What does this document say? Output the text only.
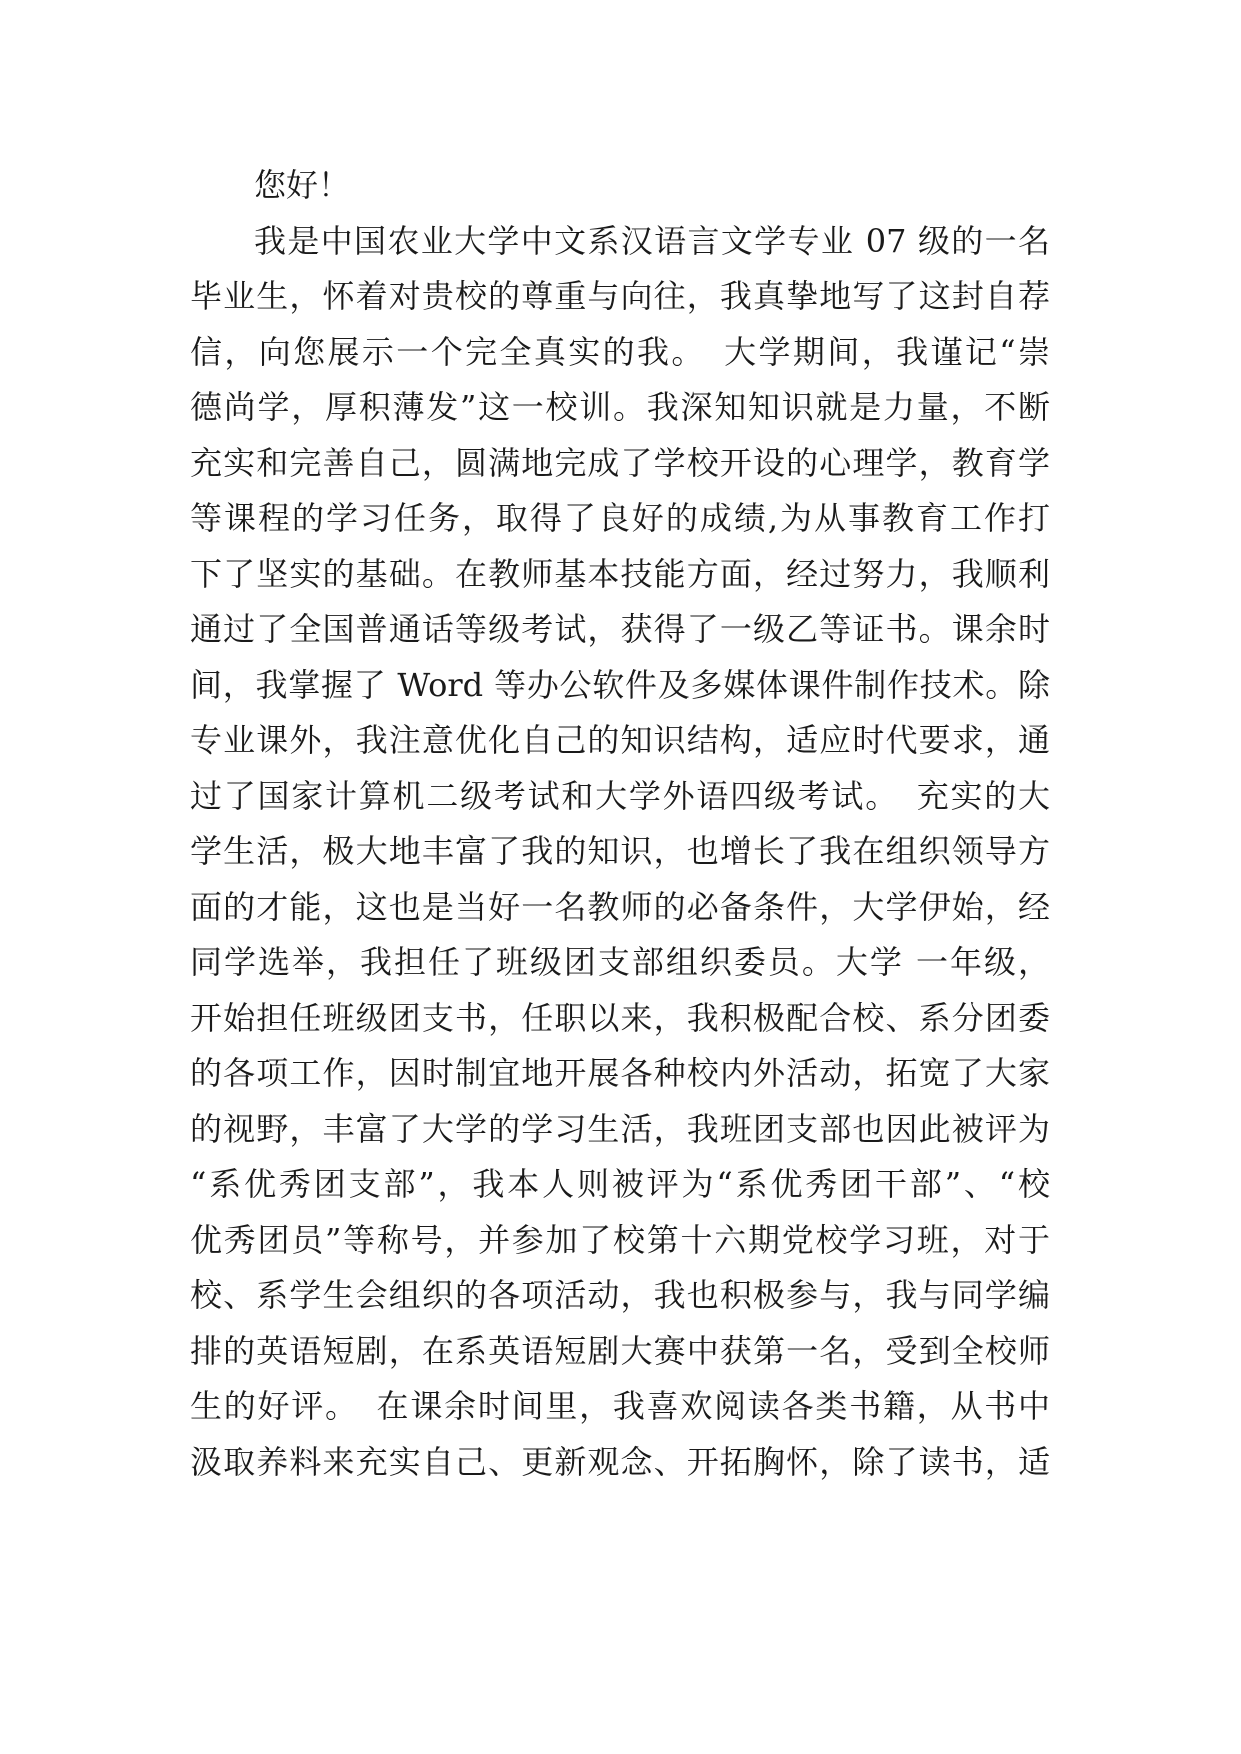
您好！
我是中国农业大学中文系汉语言文学专业 07 级的一名
毕业生，怀着对贵校的尊重与向往，我真挚地写了这封自荐
信，向您展示一个完全真实的我。　大学期间，我谨记“崇
德尚学，厚积薄发”这一校训。我深知知识就是力量，不断
充实和完善自己，圆满地完成了学校开设的心理学，教育学
等课程的学习任务，取得了良好的成绩,为从事教育工作打
下了坚实的基础。在教师基本技能方面，经过努力，我顺利
通过了全国普通话等级考试，获得了一级乙等证书。课余时
间，我掌握了 Word 等办公软件及多媒体课件制作技术。除
专业课外，我注意优化自己的知识结构，适应时代要求，通
过了国家计算机二级考试和大学外语四级考试。　充实的大
学生活，极大地丰富了我的知识，也增长了我在组织领导方
面的才能，这也是当好一名教师的必备条件，大学伊始，经
同学选举，我担任了班级团支部组织委员。大学 一年级，
开始担任班级团支书，任职以来，我积极配合校、系分团委
的各项工作，因时制宜地开展各种校内外活动，拓宽了大家
的视野，丰富了大学的学习生活，我班团支部也因此被评为
“系优秀团支部”，我本人则被评为“系优秀团干部”、“校
优秀团员”等称号，并参加了校第十六期党校学习班，对于
校、系学生会组织的各项活动，我也积极参与，我与同学编
排的英语短剧，在系英语短剧大赛中获第一名，受到全校师
生的好评。　在课余时间里，我喜欢阅读各类书籍，从书中
汲取养料来充实自己、更新观念、开拓胸怀，除了读书，适
